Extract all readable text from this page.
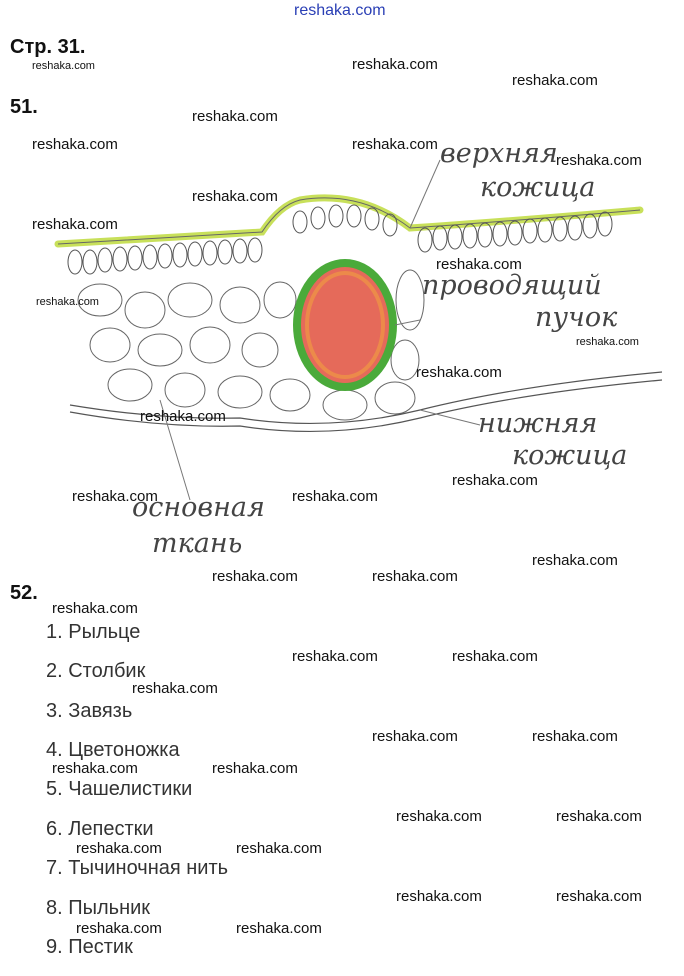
reshaka.com
Стр. 31.
51.
верхняя
кожица
проводящий
пучок
нижняя
кожица
основная
ткань
52.
1. Рыльце
2. Столбик
3. Завязь
4. Цветоножка
5. Чашелистики
6. Лепестки
7. Тычиночная нить
8. Пыльник
9. Пестик
reshaka.com	reshaka.com
reshaka.com
reshaka.com
reshaka.com	reshaka.com
reshaka.com
reshaka.com
reshaka.com
reshaka.com
reshaka.com
reshaka.com
reshaka.com
reshaka.com
reshaka.com
reshaka.com	reshaka.com
reshaka.com
reshaka.com	reshaka.com
reshaka.com
reshaka.com	reshaka.com
reshaka.com
reshaka.com	reshaka.com
reshaka.com	reshaka.com
reshaka.com	reshaka.com
reshaka.com	reshaka.com
reshaka.com	reshaka.com
reshaka.com	reshaka.com
